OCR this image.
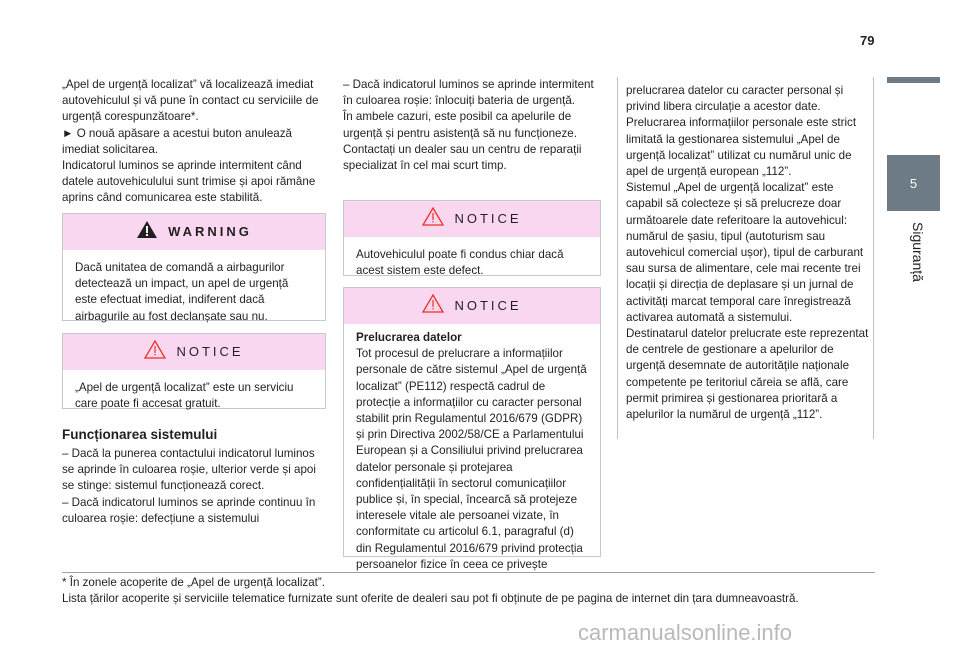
79

„Apel de urgență localizat” vă localizează imediat autovehiculul și vă pune în contact cu serviciile de urgență corespunzătoare*.

► O nouă apăsare a acestui buton anulează imediat solicitarea.

Indicatorul luminos se aprinde intermitent când datele autovehiculului sunt trimise și apoi rămâne aprins când comunicarea este stabilită.

WARNING

Dacă unitatea de comandă a airbagurilor detectează un impact, un apel de urgență este efectuat imediat, indiferent dacă airbagurile au fost declanșate sau nu.

NOTICE

„Apel de urgență localizat” este un serviciu care poate fi accesat gratuit.

Funcționarea sistemului

– Dacă la punerea contactului indicatorul luminos se aprinde în culoarea roșie, ulterior verde și apoi se stinge: sistemul funcționează corect.

– Dacă indicatorul luminos se aprinde continuu în culoarea roșie: defecțiune a sistemului

– Dacă indicatorul luminos se aprinde intermitent în culoarea roșie: înlocuiți bateria de urgență.

În ambele cazuri, este posibil ca apelurile de urgență și pentru asistență să nu funcționeze.

Contactați un dealer sau un centru de reparații specializat în cel mai scurt timp.

NOTICE

Autovehiculul poate fi condus chiar dacă acest sistem este defect.

NOTICE

Prelucrarea datelor

Tot procesul de prelucrare a informațiilor personale de către sistemul „Apel de urgență localizat” (PE112) respectă cadrul de protecție a informațiilor cu caracter personal stabilit prin Regulamentul 2016/679 (GDPR) și prin Directiva 2002/58/CE a Parlamentului European și a Consiliului privind prelucrarea datelor personale și protejarea confidențialității în sectorul comunicațiilor publice și, în special, încearcă să protejeze interesele vitale ale persoanei vizate, în conformitate cu articolul 6.1, paragraful (d) din Regulamentul 2016/679 privind protecția persoanelor fizice în ceea ce privește

prelucrarea datelor cu caracter personal și privind libera circulație a acestor date.

Prelucrarea informațiilor personale este strict limitată la gestionarea sistemului „Apel de urgență localizat” utilizat cu numărul unic de apel de urgență european „112”.

Sistemul „Apel de urgență localizat” este capabil să colecteze și să prelucreze doar următoarele date referitoare la autovehicul: numărul de șasiu, tipul (autoturism sau autovehicul comercial ușor), tipul de carburant sau sursa de alimentare, cele mai recente trei locații și direcția de deplasare și un jurnal de activități marcat temporal care înregistrează activarea automată a sistemului.

Destinatarul datelor prelucrate este reprezentat de centrele de gestionare a apelurilor de urgență desemnate de autoritățile naționale competente pe teritoriul căreia se află, care permit primirea și gestionarea prioritară a apelurilor la numărul de urgență „112”.

* În zonele acoperite de „Apel de urgență localizat”.
Lista țărilor acoperite și serviciile telematice furnizate sunt oferite de dealeri sau pot fi obținute de pe pagina de internet din țara dumneavoastră.
5
Siguranță
carmanualsonline.info
